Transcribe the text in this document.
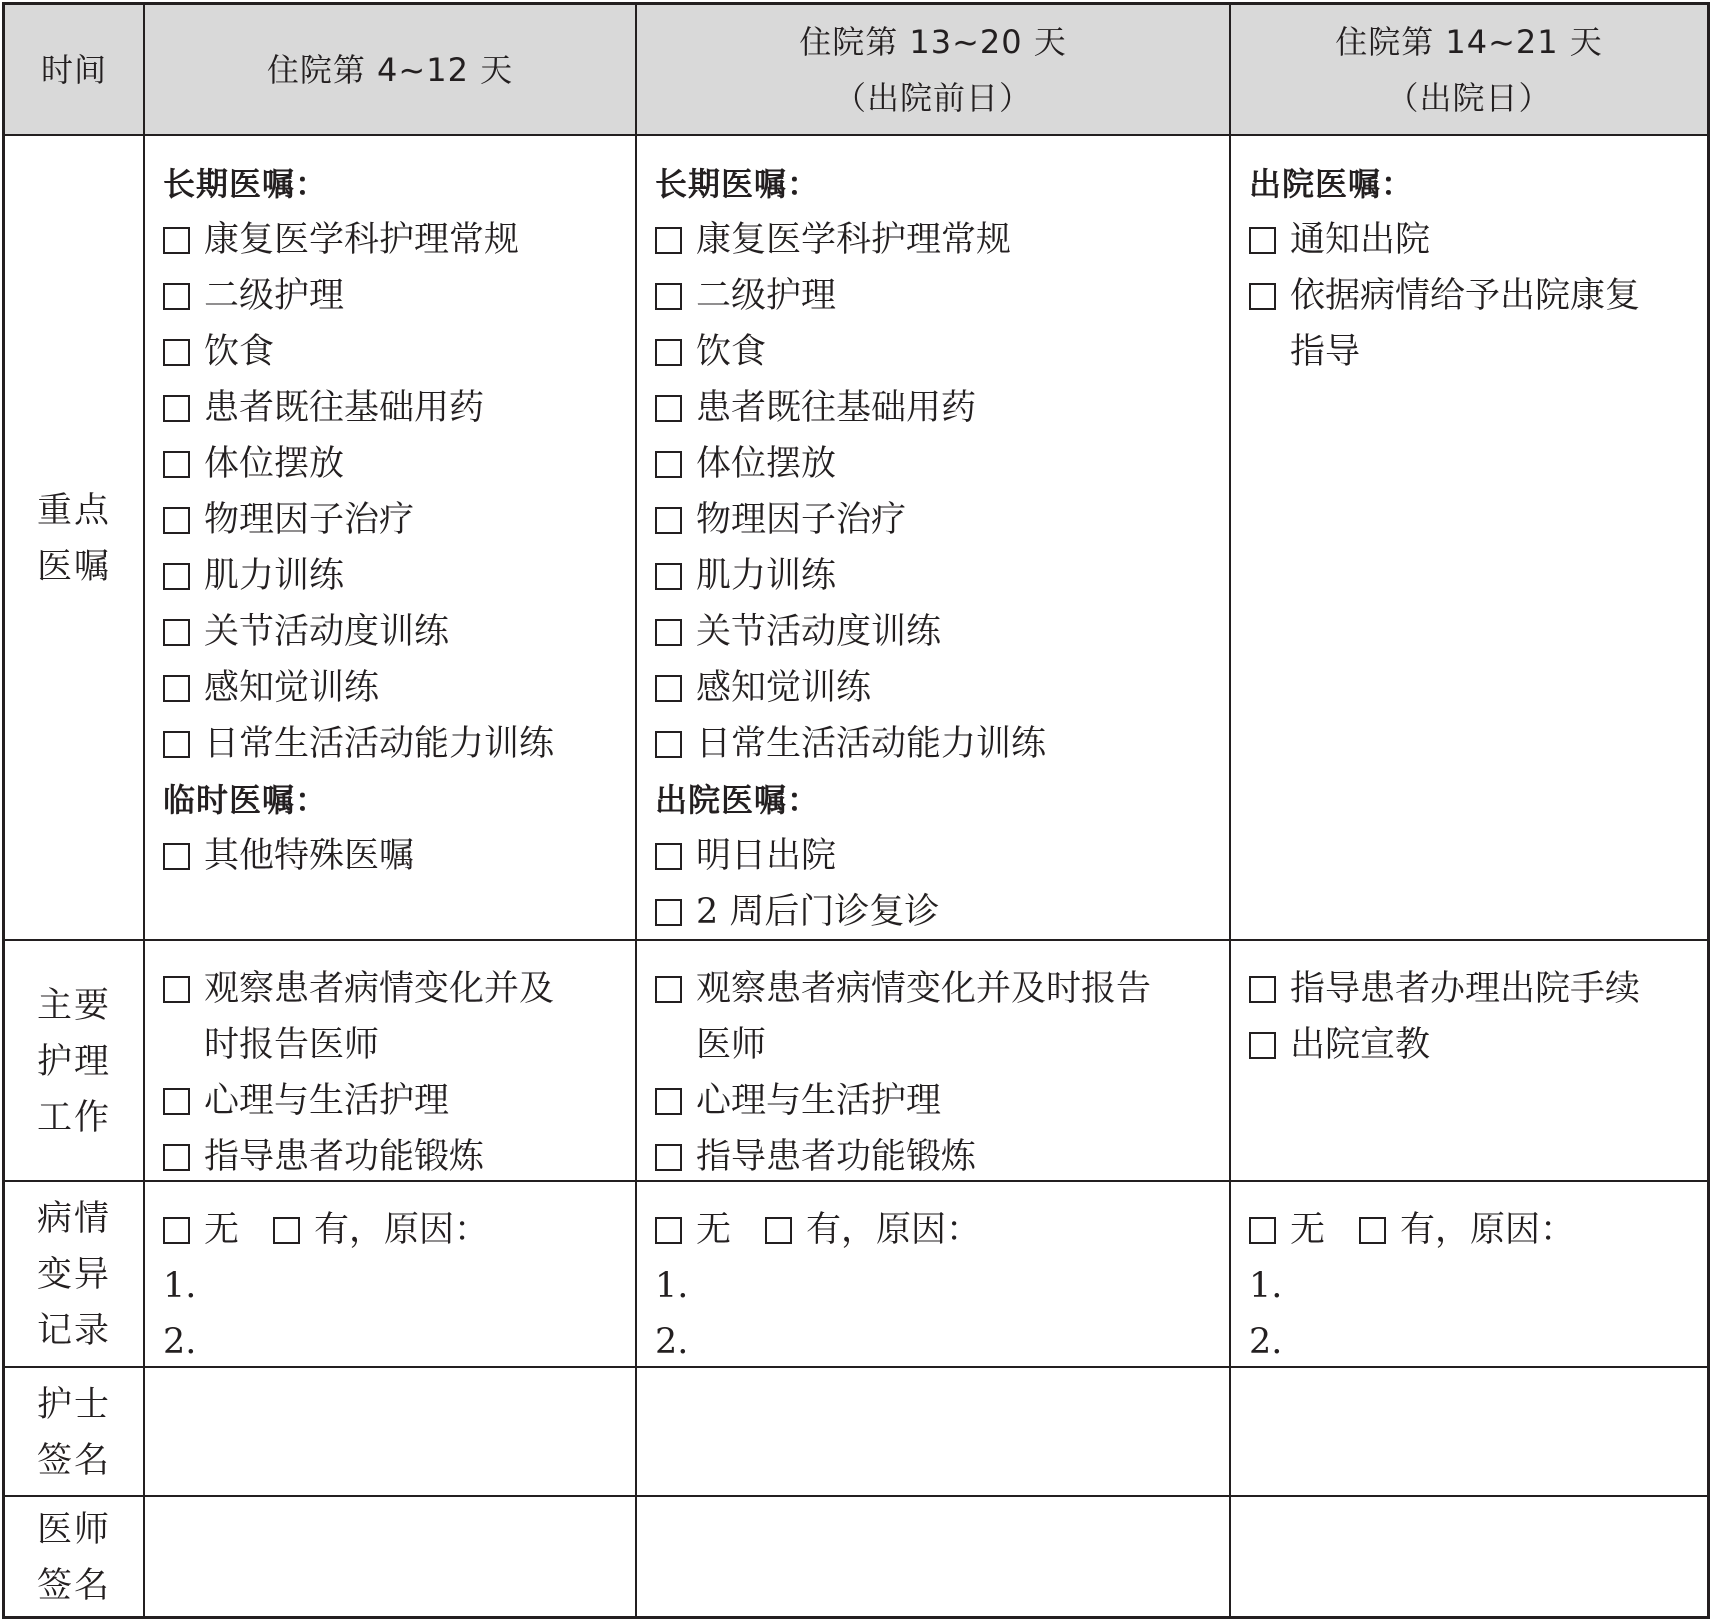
时间	住院第 4~12 天
住院第 13~20 天
（出院前日）
住院第 14~21 天
（出院日）
重点
医嘱
长期医嘱：
康复医学科护理常规
二级护理
饮食
患者既往基础用药
体位摆放
物理因子治疗
肌力训练
关节活动度训练
感知觉训练
日常生活活动能力训练
临时医嘱：
其他特殊医嘱
长期医嘱：
康复医学科护理常规
二级护理
饮食
患者既往基础用药
体位摆放
物理因子治疗
肌力训练
关节活动度训练
感知觉训练
日常生活活动能力训练
出院医嘱：
明日出院
2 周后门诊复诊
出院医嘱：
通知出院
依据病情给予出院康复
指导
主要
护理
工作
观察患者病情变化并及
时报告医师
心理与生活护理
指导患者功能锻炼
观察患者病情变化并及时报告
医师
心理与生活护理
指导患者功能锻炼
指导患者办理出院手续
出院宣教
病情
变异
记录
无 有，原因：
1.
2.
无 有，原因：
1.
2.
无 有，原因：
1.
2.
护士
签名
医师
签名
